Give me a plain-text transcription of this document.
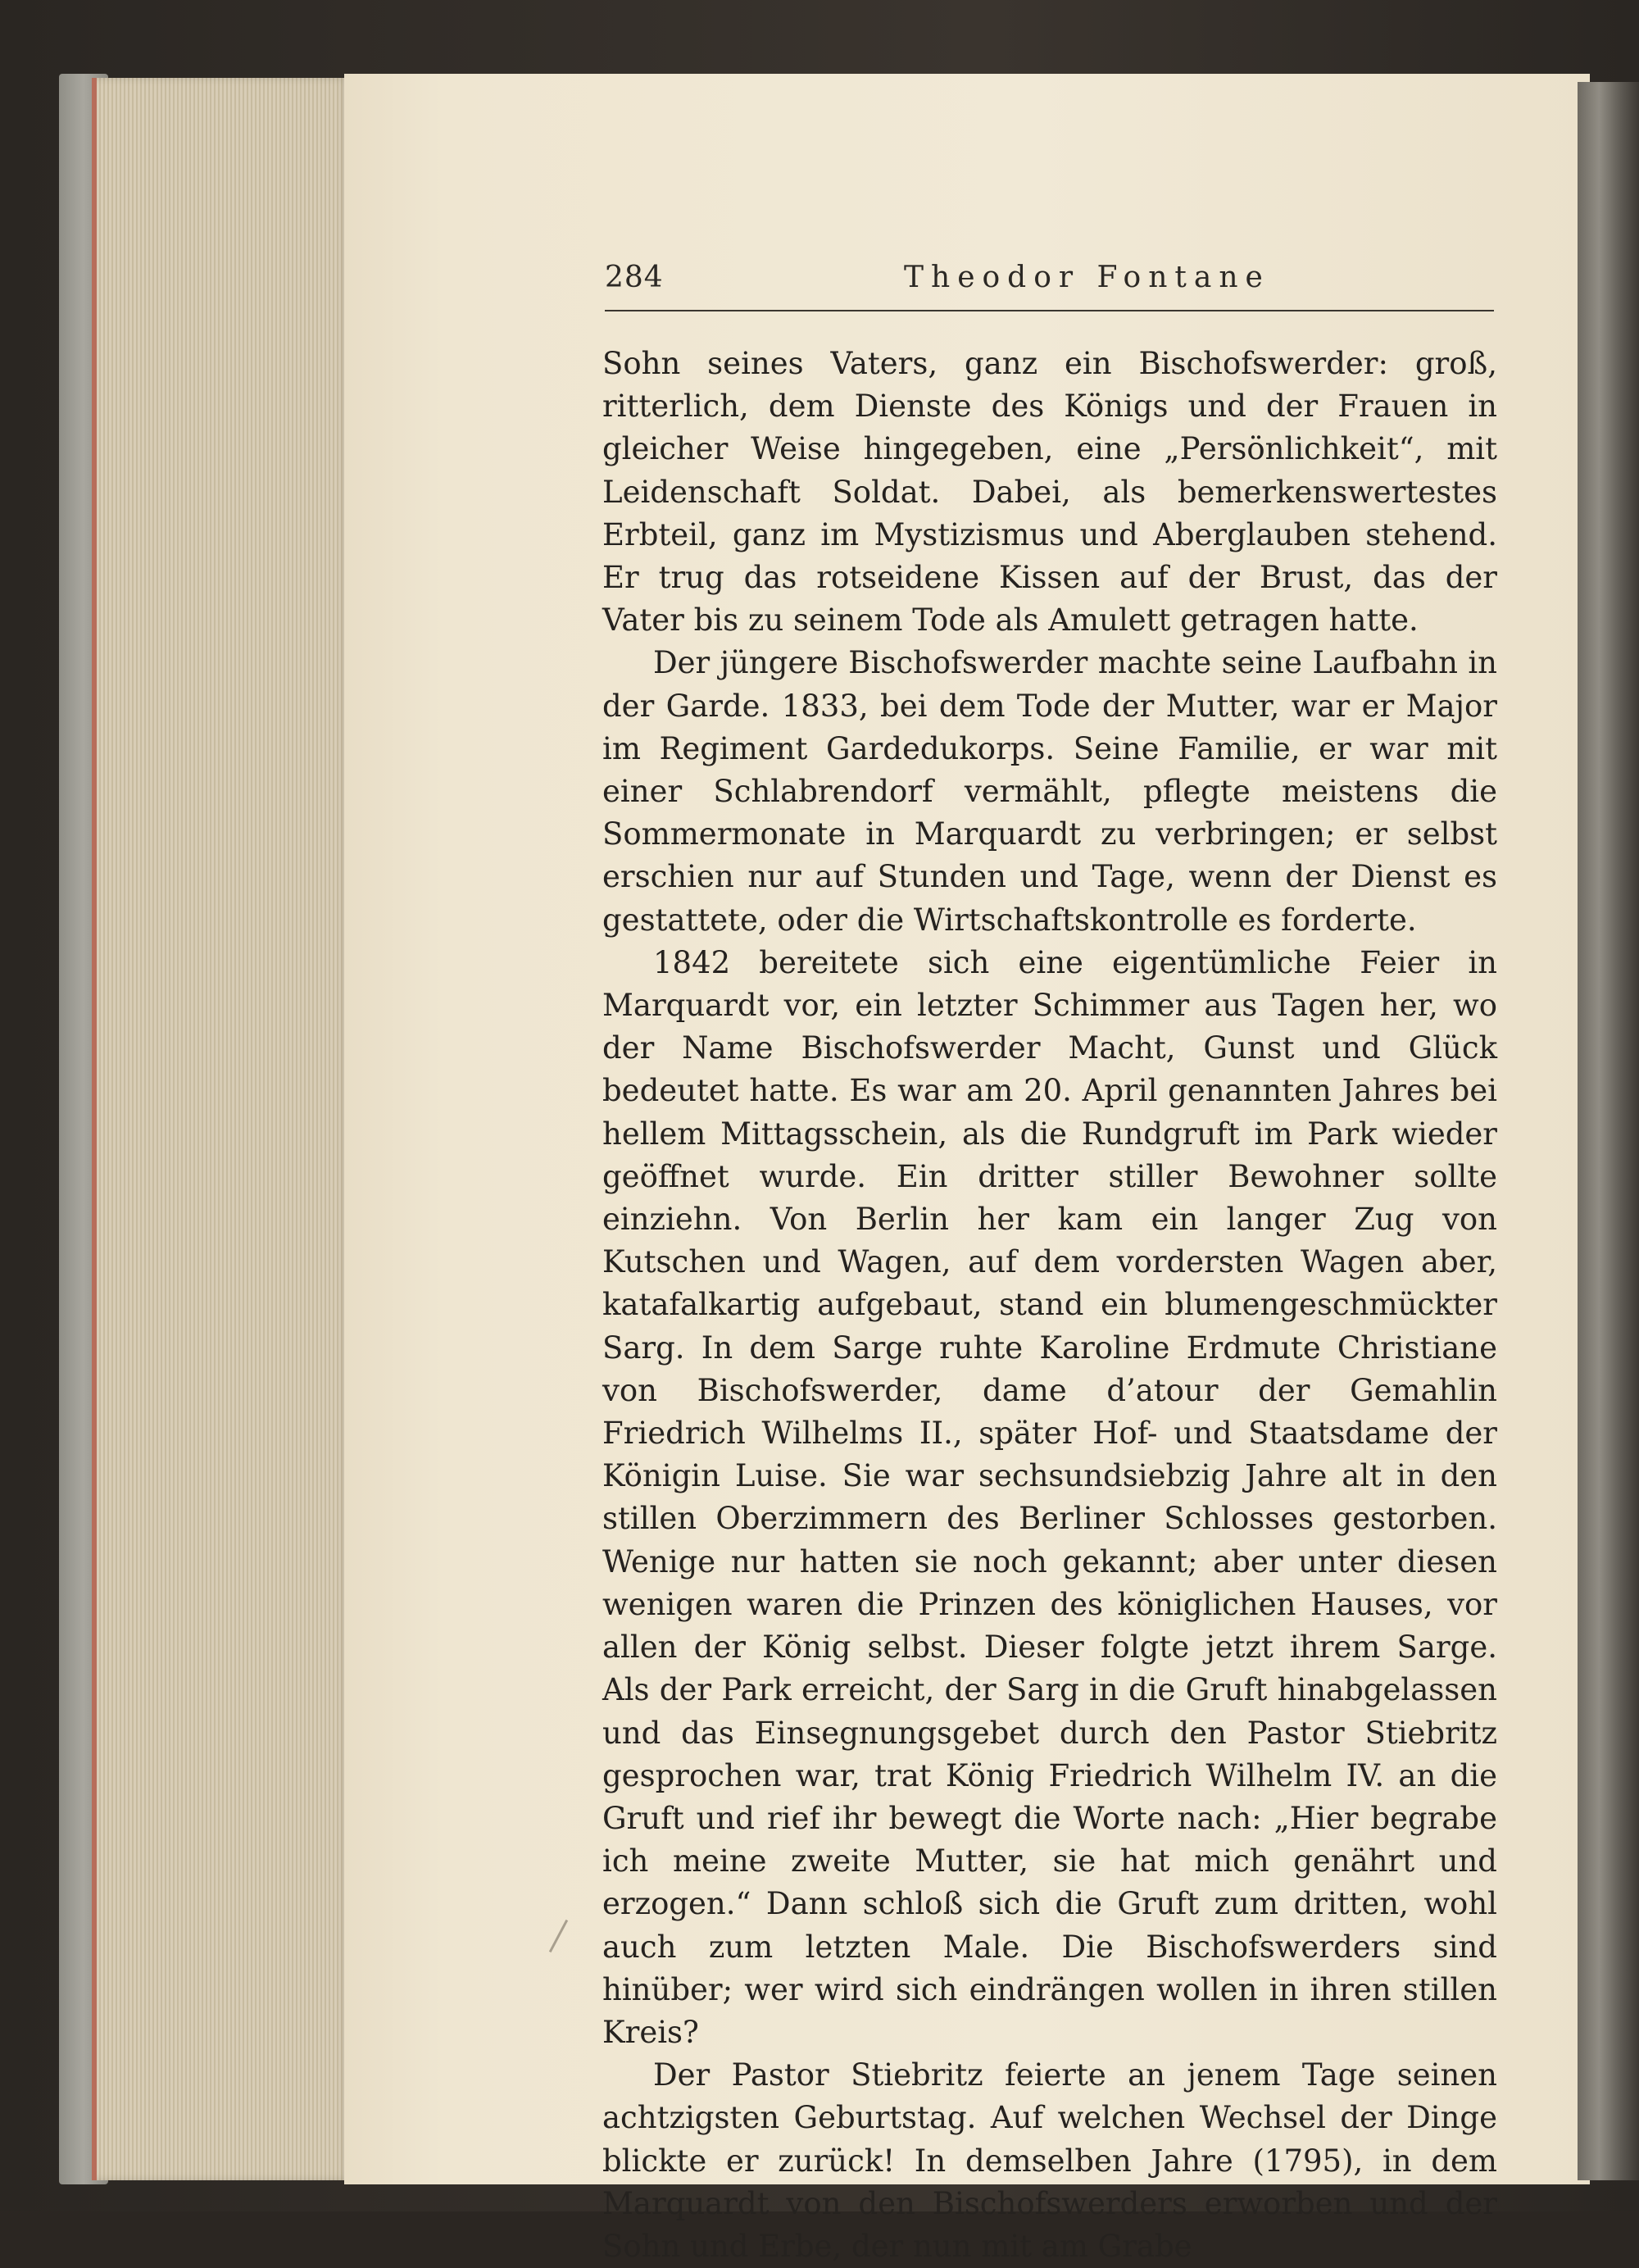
284	Theodor Fontane

Sohn seines Vaters, ganz ein Bischofswerder: groß, ritterlich, dem Dienste des Königs und der Frauen in gleicher Weise hingegeben, eine „Persönlichkeit“, mit Leidenschaft Soldat. Dabei, als bemerkenswertestes Erbteil, ganz im Mystizismus und Aberglauben stehend. Er trug das rotseidene Kissen auf der Brust, das der Vater bis zu seinem Tode als Amulett getragen hatte.

Der jüngere Bischofswerder machte seine Laufbahn in der Garde. 1833, bei dem Tode der Mutter, war er Major im Regiment Gardedukorps. Seine Familie, er war mit einer Schlabrendorf vermählt, pflegte meistens die Sommermonate in Marquardt zu verbringen; er selbst erschien nur auf Stunden und Tage, wenn der Dienst es gestattete, oder die Wirtschaftskontrolle es forderte.

1842 bereitete sich eine eigentümliche Feier in Marquardt vor, ein letzter Schimmer aus Tagen her, wo der Name Bischofswerder Macht, Gunst und Glück bedeutet hatte. Es war am 20. April genannten Jahres bei hellem Mittagsschein, als die Rundgruft im Park wieder geöffnet wurde. Ein dritter stiller Bewohner sollte einziehn. Von Berlin her kam ein langer Zug von Kutschen und Wagen, auf dem vordersten Wagen aber, katafalkartig aufgebaut, stand ein blumengeschmückter Sarg. In dem Sarge ruhte Karoline Erdmute Christiane von Bischofswerder, dame d’atour der Gemahlin Friedrich Wilhelms II., später Hof- und Staatsdame der Königin Luise. Sie war sechsundsiebzig Jahre alt in den stillen Oberzimmern des Berliner Schlosses gestorben. Wenige nur hatten sie noch gekannt; aber unter diesen wenigen waren die Prinzen des königlichen Hauses, vor allen der König selbst. Dieser folgte jetzt ihrem Sarge. Als der Park erreicht, der Sarg in die Gruft hinabgelassen und das Einsegnungsgebet durch den Pastor Stiebritz gesprochen war, trat König Friedrich Wilhelm IV. an die Gruft und rief ihr bewegt die Worte nach: „Hier begrabe ich meine zweite Mutter, sie hat mich genährt und erzogen.“ Dann schloß sich die Gruft zum dritten, wohl auch zum letzten Male. Die Bischofswerders sind hinüber; wer wird sich eindrängen wollen in ihren stillen Kreis?

Der Pastor Stiebritz feierte an jenem Tage seinen achtzigsten Geburtstag. Auf welchen Wechsel der Dinge blickte er zurück! In demselben Jahre (1795), in dem Marquardt von den Bischofswerders erworben und der Sohn und Erbe, der nun mit am Grabe
